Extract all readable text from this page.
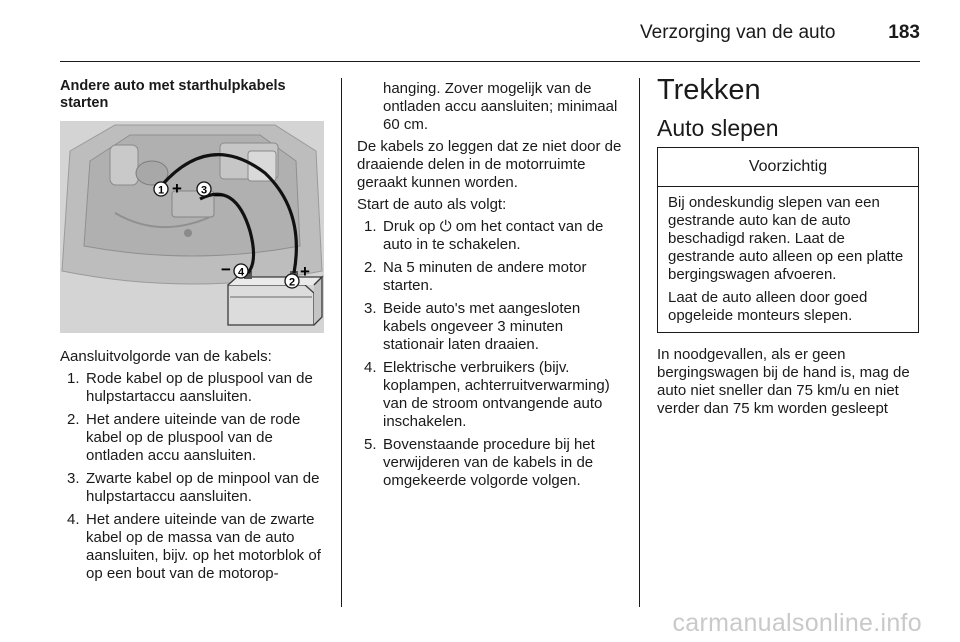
Verzorging van de auto	183
Andere auto met starthulpkabels starten
1 + 3 −
− 4
2
+

Aansluitvolgorde van de kabels:

1. Rode kabel op de pluspool van de hulpstartaccu aansluiten.
2. Het andere uiteinde van de rode kabel op de pluspool van de ontladen accu aansluiten.
3. Zwarte kabel op de minpool van de hulpstartaccu aansluiten.
4. Het andere uiteinde van de zwarte kabel op de massa van de auto aansluiten, bijv. op het motorblok of op een bout van de motorop-

hanging. Zover mogelijk van de ontladen accu aansluiten; minimaal 60 cm.

De kabels zo leggen dat ze niet door de draaiende delen in de motorruimte geraakt kunnen worden.

Start de auto als volgt:

1. Druk op ⏻ om het contact van de auto in te schakelen.
2. Na 5 minuten de andere motor starten.
3. Beide auto's met aangesloten kabels ongeveer 3 minuten stationair laten draaien.
4. Elektrische verbruikers (bijv. koplampen, achterruitverwarming) van de stroom ontvangende auto inschakelen.
5. Bovenstaande procedure bij het verwijderen van de kabels in de omgekeerde volgorde volgen.
Trekken
Auto slepen
Voorzichtig

Bij ondeskundig slepen van een gestrande auto kan de auto beschadigd raken. Laat de gestrande auto alleen op een platte bergingswagen afvoeren.

Laat de auto alleen door goed opgeleide monteurs slepen.

In noodgevallen, als er geen bergingswagen bij de hand is, mag de auto niet sneller dan 75 km/u en niet verder dan 75 km worden gesleept

carmanualsonline.info
